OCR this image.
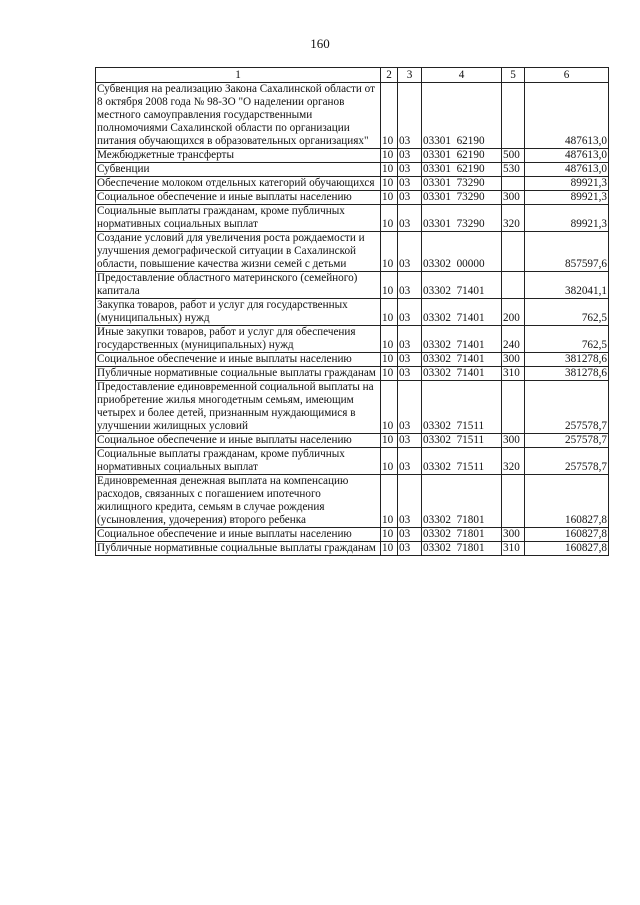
160
1	2	3	4	5	6
Субвенция на реализацию Закона Сахалинской области от 8 октября 2008 года № 98-ЗО "О наделении органов местного самоуправления государственными полномочиями Сахалинской области по организации питания обучающихся в образовательных организациях"	10	03	03301  62190		487613,0
Межбюджетные трансферты	10	03	03301  62190	500	487613,0
Субвенции	10	03	03301  62190	530	487613,0
Обеспечение молоком отдельных категорий обучающихся	10	03	03301  73290		89921,3
Социальное обеспечение и иные выплаты населению	10	03	03301  73290	300	89921,3
Социальные выплаты гражданам, кроме публичных нормативных социальных выплат	10	03	03301  73290	320	89921,3
Создание условий для увеличения роста рождаемости и улучшения демографической ситуации в Сахалинской области, повышение качества жизни семей с детьми	10	03	03302  00000		857597,6
Предоставление областного материнского (семейного) капитала	10	03	03302  71401		382041,1
Закупка товаров, работ и услуг для государственных (муниципальных) нужд	10	03	03302  71401	200	762,5
Иные закупки товаров, работ и услуг для обеспечения государственных (муниципальных) нужд	10	03	03302  71401	240	762,5
Социальное обеспечение и иные выплаты населению	10	03	03302  71401	300	381278,6
Публичные нормативные социальные выплаты гражданам	10	03	03302  71401	310	381278,6
Предоставление единовременной социальной выплаты на приобретение жилья многодетным семьям, имеющим четырех и более детей, признанным нуждающимися в улучшении жилищных условий	10	03	03302  71511		257578,7
Социальное обеспечение и иные выплаты населению	10	03	03302  71511	300	257578,7
Социальные выплаты гражданам, кроме публичных нормативных социальных выплат	10	03	03302  71511	320	257578,7
Единовременная денежная выплата на компенсацию расходов, связанных с погашением ипотечного жилищного кредита, семьям в случае рождения (усыновления, удочерения) второго ребенка	10	03	03302  71801		160827,8
Социальное обеспечение и иные выплаты населению	10	03	03302  71801	300	160827,8
Публичные нормативные социальные выплаты гражданам	10	03	03302  71801	310	160827,8
